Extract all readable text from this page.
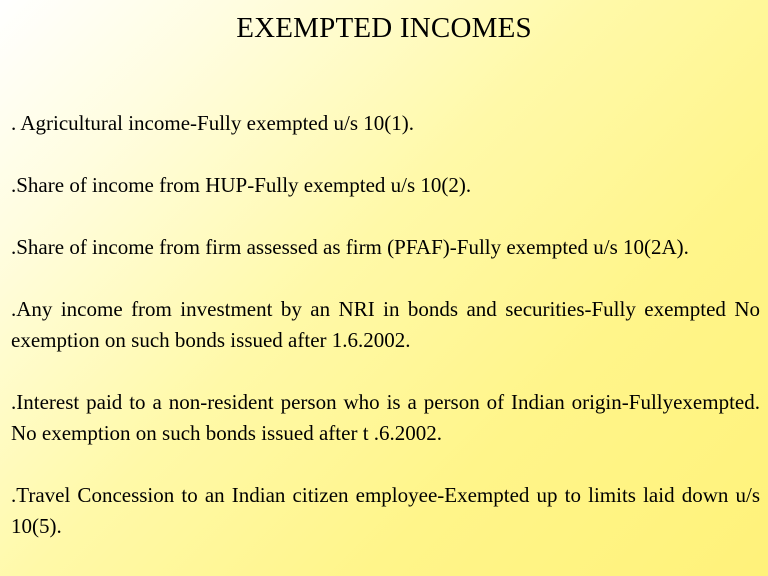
EXEMPTED INCOMES
. Agricultural income-Fully exempted u/s 10(1).
.Share of income from HUP-Fully exempted u/s 10(2).
.Share of income from firm assessed as firm (PFAF)-Fully exempted u/s 10(2A).
.Any income from investment by an NRI in bonds and securities-Fully exempted No exemption on such bonds issued after 1.6.2002.
.Interest paid to a non-resident person who is a person of Indian origin-Fullyexempted. No exemption on such bonds issued after t .6.2002.
.Travel Concession to an Indian citizen employee-Exempted up to limits laid down u/s 10(5).
